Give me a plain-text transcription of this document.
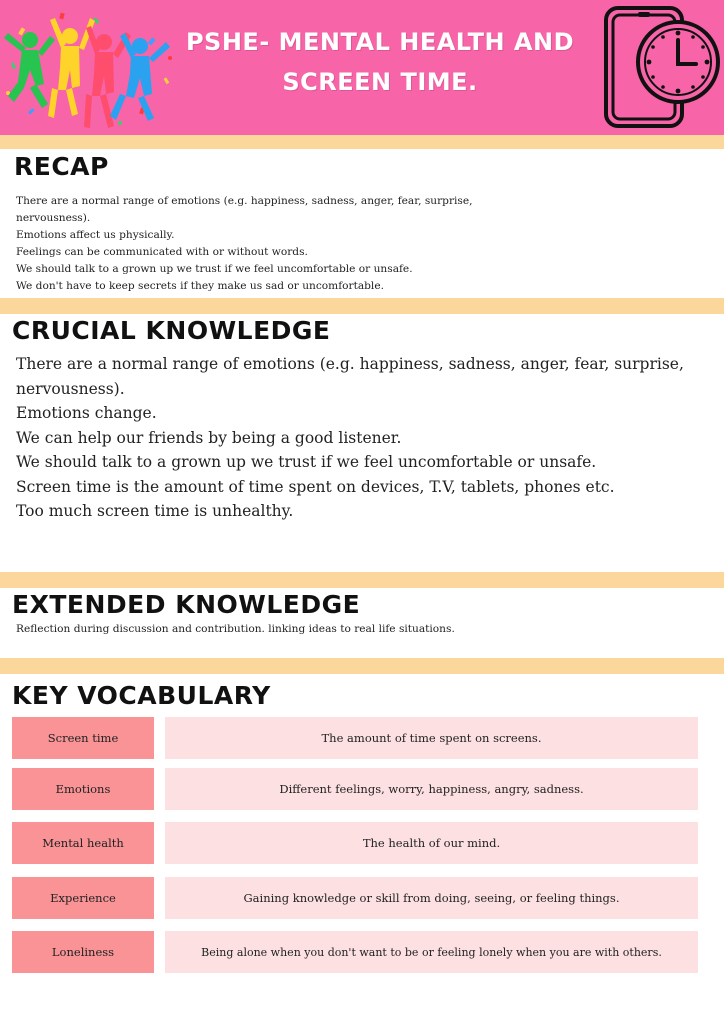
PSHE- MENTAL HEALTH AND
SCREEN TIME.
RECAP
There are a normal range of emotions (e.g. happiness, sadness, anger, fear, surprise,
nervousness).
Emotions affect us physically.
Feelings can be communicated with or without words.
We should talk to a grown up we trust if we feel uncomfortable or unsafe.
We don't have to keep secrets if they make us sad or uncomfortable.
CRUCIAL KNOWLEDGE
There are a normal range of emotions (e.g. happiness, sadness, anger, fear, surprise,
nervousness).
Emotions change.
We can help our friends by being a good listener.
We should talk to a grown up we trust if we feel uncomfortable or unsafe.
Screen time is the amount of time spent on devices, T.V, tablets, phones etc.
Too much screen time is unhealthy.
EXTENDED KNOWLEDGE
Reflection during discussion and contribution. linking ideas to real life situations.
KEY VOCABULARY
Screen time	The amount of time spent on screens.
Emotions	Different feelings, worry, happiness, angry, sadness.
Mental health	The health of our mind.
Experience	Gaining knowledge or skill from doing, seeing, or feeling things.
Loneliness	Being alone when you don't want to be or feeling lonely when you are with others.
